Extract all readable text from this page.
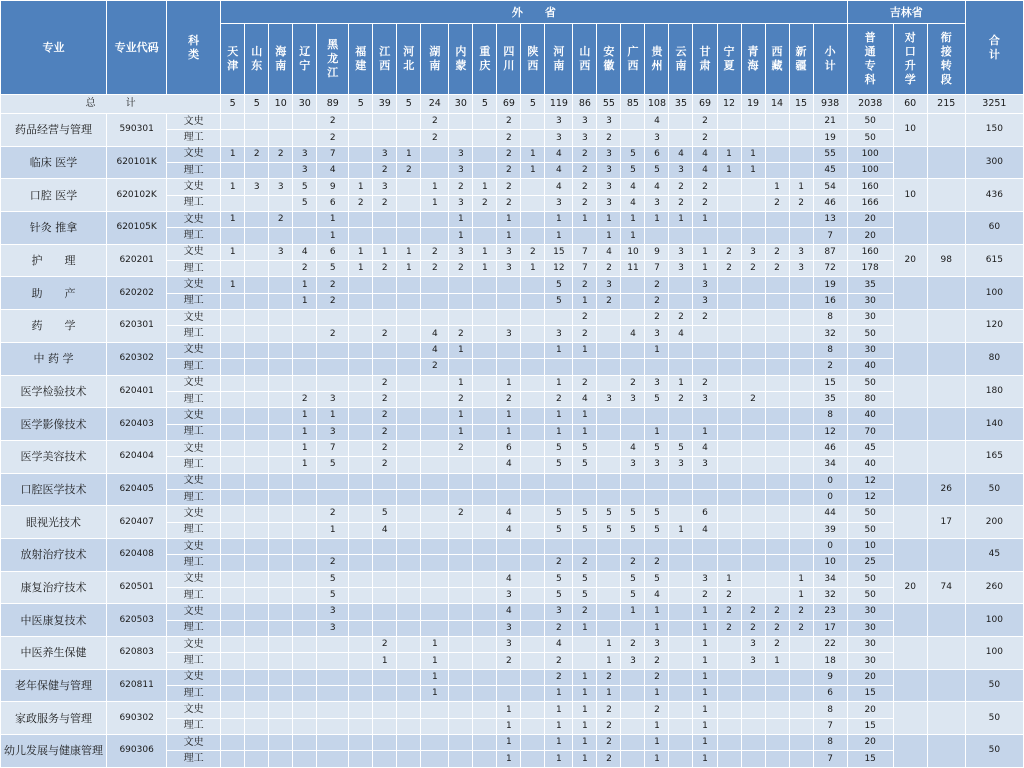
专业	专业代码	科类	外　　省																									吉林省			合计
			天津	山东	海南	辽宁	黑龙江	福建	江西	河北	湖南	内蒙	重庆	四川	陕西	河南	山西	安徽	广西	贵州	云南	甘肃	宁夏	青海	西藏	新疆	小计	普通专科	对口升学	衔接转段	
总计			5	5	10	30	89	5	39	5	24	30	5	69	5	119	86	55	85	108	35	69	12	19	14	15	938	2038	60	215	3251
药品经营与管理	590301	文史					2				2			2		3	3	3		4		2					21	50	10		150
		理工					2				2			2		3	3	2		3		2					19	50			
临床 医学	620101K	文史	1	2	2	3	7		3	1		3		2	1	4	2	3	5	6	4	4	1	1			55	100			300
		理工				3	4		2	2		3		2	1	4	2	3	5	5	3	4	1	1			45	100			
口腔 医学	620102K	文史	1	3	3	5	9	1	3		1	2	1	2		4	2	3	4	4	2	2			1	1	54	160	10		436
		理工				5	6	2	2		1	3	2	2		3	2	3	4	3	2	2			2	2	46	166			
针灸 推拿	620105K	文史	1		2		1					1		1		1	1	1	1	1	1	1					13	20			60
		理工					1					1		1		1		1	1								7	20			
护　　理	620201	文史	1		3	4	6	1	1	1	2	3	1	3	2	15	7	4	10	9	3	1	2	3	2	3	87	160	20	98	615
		理工				2	5	1	2	1	2	2	1	3	1	12	7	2	11	7	3	1	2	2	2	3	72	178			
助　　产	620202	文史	1			1	2									5	2	3		2		3					19	35			100
		理工				1	2									5	1	2		2		3					16	30			
药　　学	620301	文史															2			2	2	2					8	30			120
		理工					2		2		4	2		3		3	2		4	3	4						32	50			
中 药 学	620302	文史									4	1				1	1			1							8	30			80
		理工									2																2	40			
医学检验技术	620401	文史							2			1		1		1	2		2	3	1	2					15	50			180
		理工				2	3		2			2		2		2	4	3	3	5	2	3		2			35	80			
医学影像技术	620403	文史				1	1		2			1		1		1	1										8	40			140
		理工				1	3		2			1		1		1	1			1		1					12	70			
医学美容技术	620404	文史				1	7		2			2		6		5	5		4	5	5	4					46	45			165
		理工				1	5		2					4		5	5		3	3	3	3					34	40			
口腔医学技术	620405	文史																									0	12		26	50
		理工																									0	12			
眼视光技术	620407	文史					2		5			2		4		5	5	5	5	5		6					44	50		17	200
		理工					1		4					4		5	5	5	5	5	1	4					39	50			
放射治疗技术	620408	文史																									0	10			45
		理工					2									2	2		2	2							10	25			
康复治疗技术	620501	文史					5							4		5	5		5	5		3	1			1	34	50	20	74	260
		理工					5							3		5	5		5	4		2	2			1	32	50			
中医康复技术	620503	文史					3							4		3	2		1	1		1	2	2	2	2	23	30			100
		理工					3							3		2	1			1		1	2	2	2	2	17	30			
中医养生保健	620803	文史							2		1			3		4		1	2	3		1		3	2		22	30			100
		理工							1		1			2		2		1	3	2		1		3	1		18	30			
老年保健与管理	620811	文史									1					2	1	2		2		1					9	20			50
		理工									1					1	1	1		1		1					6	15			
家政服务与管理	690302	文史												1		1	1	2		2		1					8	20			50
		理工												1		1	1	2		1		1					7	15			
幼儿发展与健康管理	690306	文史												1		1	1	2		1		1					8	20			50
		理工												1		1	1	2		1		1					7	15			
